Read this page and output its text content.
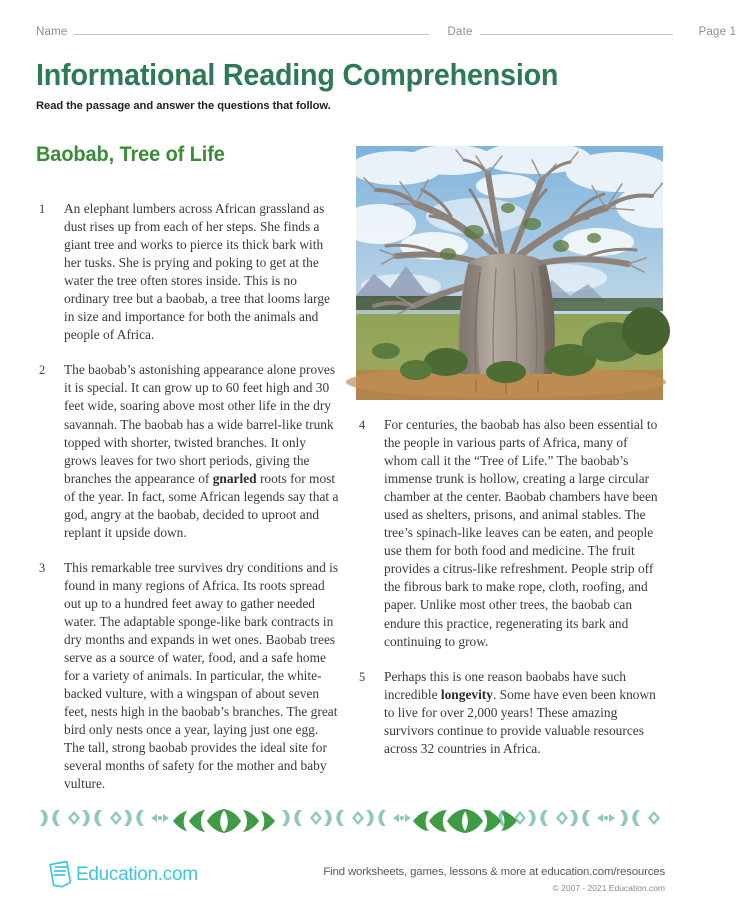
Name	Date	Page 1
Informational Reading Comprehension
Read the passage and answer the questions that follow.
Baobab, Tree of Life
1 An elephant lumbers across African grassland as dust rises up from each of her steps. She finds a giant tree and works to pierce its thick bark with her tusks. She is prying and poking to get at the water the tree often stores inside. This is no ordinary tree but a baobab, a tree that looms large in size and importance for both the animals and people of Africa.
2 The baobab’s astonishing appearance alone proves it is special. It can grow up to 60 feet high and 30 feet wide, soaring above most other life in the dry savannah. The baobab has a wide barrel-like trunk topped with shorter, twisted branches. It only grows leaves for two short periods, giving the branches the appearance of gnarled roots for most of the year. In fact, some African legends say that a god, angry at the baobab, decided to uproot and replant it upside down.
3 This remarkable tree survives dry conditions and is found in many regions of Africa. Its roots spread out up to a hundred feet away to gather needed water. The adaptable sponge-like bark contracts in dry months and expands in wet ones. Baobab trees serve as a source of water, food, and a safe home for a variety of animals. In particular, the white-backed vulture, with a wingspan of about seven feet, nests high in the baobab’s branches. The great bird only nests once a year, laying just one egg. The tall, strong baobab provides the ideal site for several months of safety for the mother and baby vulture.
4 For centuries, the baobab has also been essential to the people in various parts of Africa, many of whom call it the “Tree of Life.” The baobab’s immense trunk is hollow, creating a large circular chamber at the center. Baobab chambers have been used as shelters, prisons, and animal stables. The tree’s spinach-like leaves can be eaten, and people use them for both food and medicine. The fruit provides a citrus-like refreshment. People strip off the fibrous bark to make rope, cloth, roofing, and paper. Unlike most other trees, the baobab can endure this practice, regenerating its bark and continuing to grow.
5 Perhaps this is one reason baobabs have such incredible longevity. Some have even been known to live for over 2,000 years! These amazing survivors continue to provide valuable resources across 32 countries in Africa.
Education.com	Find worksheets, games, lessons & more at education.com/resources
© 2007 - 2021 Education.com
